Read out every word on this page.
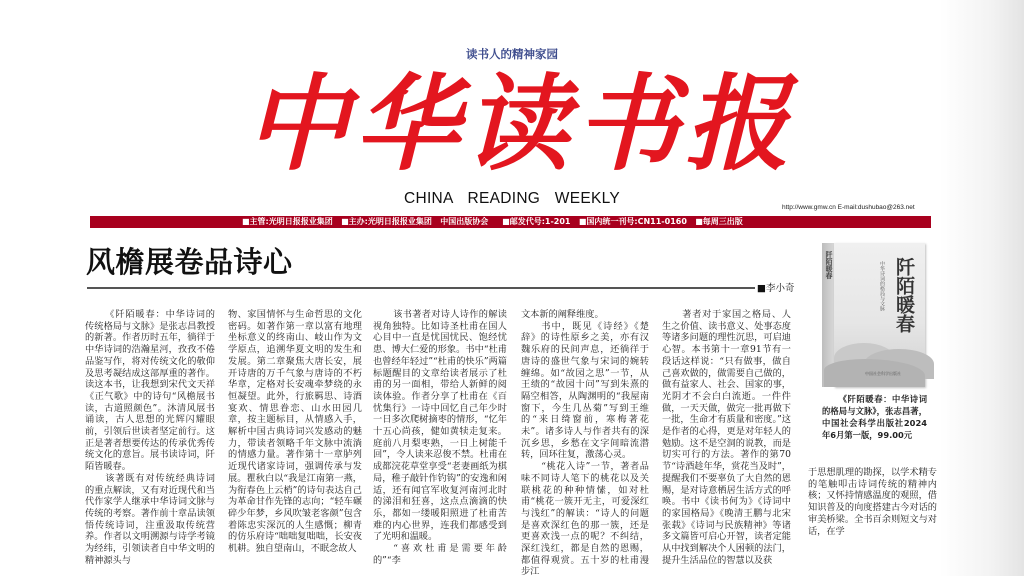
读书人的精神家园
中华读书报
CHINA READING WEEKLY
http://www.gmw.cn E-mail:dushubao@263.net
■主管:光明日报报业集团   ■主办:光明日报报业集团   中国出版协会     ■邮发代号:1-201   ■国内统一刊号:CN11-0160   ■每周三出版
风檐展卷品诗心
■李小奇

《阡陌暖春：中华诗词的传统格局与文脉》是张志昌教授的新著。作者历时五年，徜徉于中华诗词的浩瀚星河，孜孜不倦品鉴写作，将对传统文化的敬仰及思考凝结成这部厚重的著作。读这本书，让我想到宋代文天祥《正气歌》中的诗句“风檐展书读，古道照颜色”。沐清风展书诵读，古人思想的光辉闪耀眼前，引领后世读者坚定前行。这正是著者想要传达的传承优秀传统文化的意旨。展书读诗词，阡陌皆暖春。

该著既有对传统经典诗词的重点解读，又有对近现代和当代作家学人继承中华诗词文脉与传统的考察。著作前十章品读领悟传统诗词，注重汲取传统营养。作者以文明溯源与诗学考镜为经纬，引领读者自中华文明的精神源头与

物、家国情怀与生命哲思的文化密码。如著作第一章以富有地理坐标意义的终南山、岐山作为文学原点，追溯华夏文明的发生和发展。第二章聚焦大唐长安，展开诗唐的万千气象与唐诗的不朽华章，定格对长安魂牵梦绕的永恒凝望。此外，行旅羁思、诗酒宴欢、情思眷恋、山水田园几章，按主题标目，从情感入手，解析中国古典诗词兴发感动的魅力，带读者领略千年文脉中流淌的情感力量。著作第十一章胪列近现代诸家诗词，强调传承与发展。瞿秋白以“我是江南第一燕，为衔春色上云梢”的诗句表达自己为革命甘作先锋的志向；“轻车碾碎少年梦，乡风吹皱老客颜”包含着陈忠实深沉的人生感慨；柳青的仿乐府诗“咄咄复咄咄，长安夜机耕。独自望南山，不眠念故人

该书著者对诗人诗作的解读视角独特。比如诗圣杜甫在国人心目中一直是忧国忧民、饱经忧患、博大仁爱的形象。书中“杜甫也曾经年轻过”“杜甫的快乐”两篇标题醒目的文章给读者展示了杜甫的另一面相，带给人新鲜的阅读体验。作者分享了杜甫在《百忧集行》一诗中回忆自己年少时一日多次爬树摘枣的情形，“忆年十五心尚孩，健如黄犊走复来。庭前八月梨枣熟，一日上树能千回”，令人读来忍俊不禁。杜甫在成都浣花草堂享受“老妻画纸为棋局，稚子敲针作钓钩”的安逸和闲适，还有闻官军收复河南河北时的涕泪和狂喜，这点点滴滴的快乐，都如一缕暖阳照进了杜甫苦难的内心世界，连我们都感受到了光明和温暖。

“喜欢杜甫是需要年龄的”“李

文本新的阐释维度。

书中，既见《诗经》《楚辞》的诗性原乡之美，亦有汉魏乐府的民间声息，还徜徉于唐诗的盛世气象与宋词的婉转缠绵。如“故园之思”一节，从王绩的“故园十问”写到朱熹的隔空相答，从陶渊明的“我屋南窗下，今生几丛菊”写到王维的“来日绮窗前，寒梅著花未”。诸多诗人与作者共有的深沉乡思，乡愁在文字间暗流潜转，回环往复，激荡心灵。

“桃花入诗”一节，著者品味不同诗人笔下的桃花以及关联桃花的种种情愫，如对杜甫“桃花一簇开无主，可爱深红与浅红”的解读：“诗人的问题是喜欢深红色的那一簇，还是更喜欢浅一点的呢？不纠结，深红浅红，都是自然的恩赐，都值得观赏。五十岁的杜甫漫步江

著者对于家国之格局、人生之价值、读书意义、处事态度等诸多问题的理性沉思，可启迪心智。本书第十一章91节有一段话这样说：“只有做事，做自己喜欢做的，做需要自己做的，做有益家人、社会、国家的事，光阴才不会白白流逝。一件件做，一天天做，做完一批再做下一批，生命才有质量和密度。”这是作者的心得，更是对年轻人的勉励。这不是空洞的说教，而是切实可行的方法。著作的第70节“诗酒趁年华，赏花当及时”，提醒我们不要辜负了大自然的恩赐，是对诗意栖居生活方式的呼唤。书中《读书何为》《诗词中的家国格局》《晚清王鹏与北宋张载》《诗词与民族精神》等诸多文篇皆可启心开智，读者定能从中找到解决个人困顿的法门，提升生活品位的智慧以及获

于思想肌理的勘探，以学术精专的笔触叩击诗词传统的精神内核；又怀持情感温度的观照，借知识普及的向度搭建古今对话的审美桥梁。全书百余则短文与对话，在学

阡陌暖春	阡陌暖春
中华诗词的格局与文脉
中国社会科学出版社
《阡陌暖春：中华诗词的格局与文脉》，张志昌著，中国社会科学出版社2024年6月第一版，99.00元
